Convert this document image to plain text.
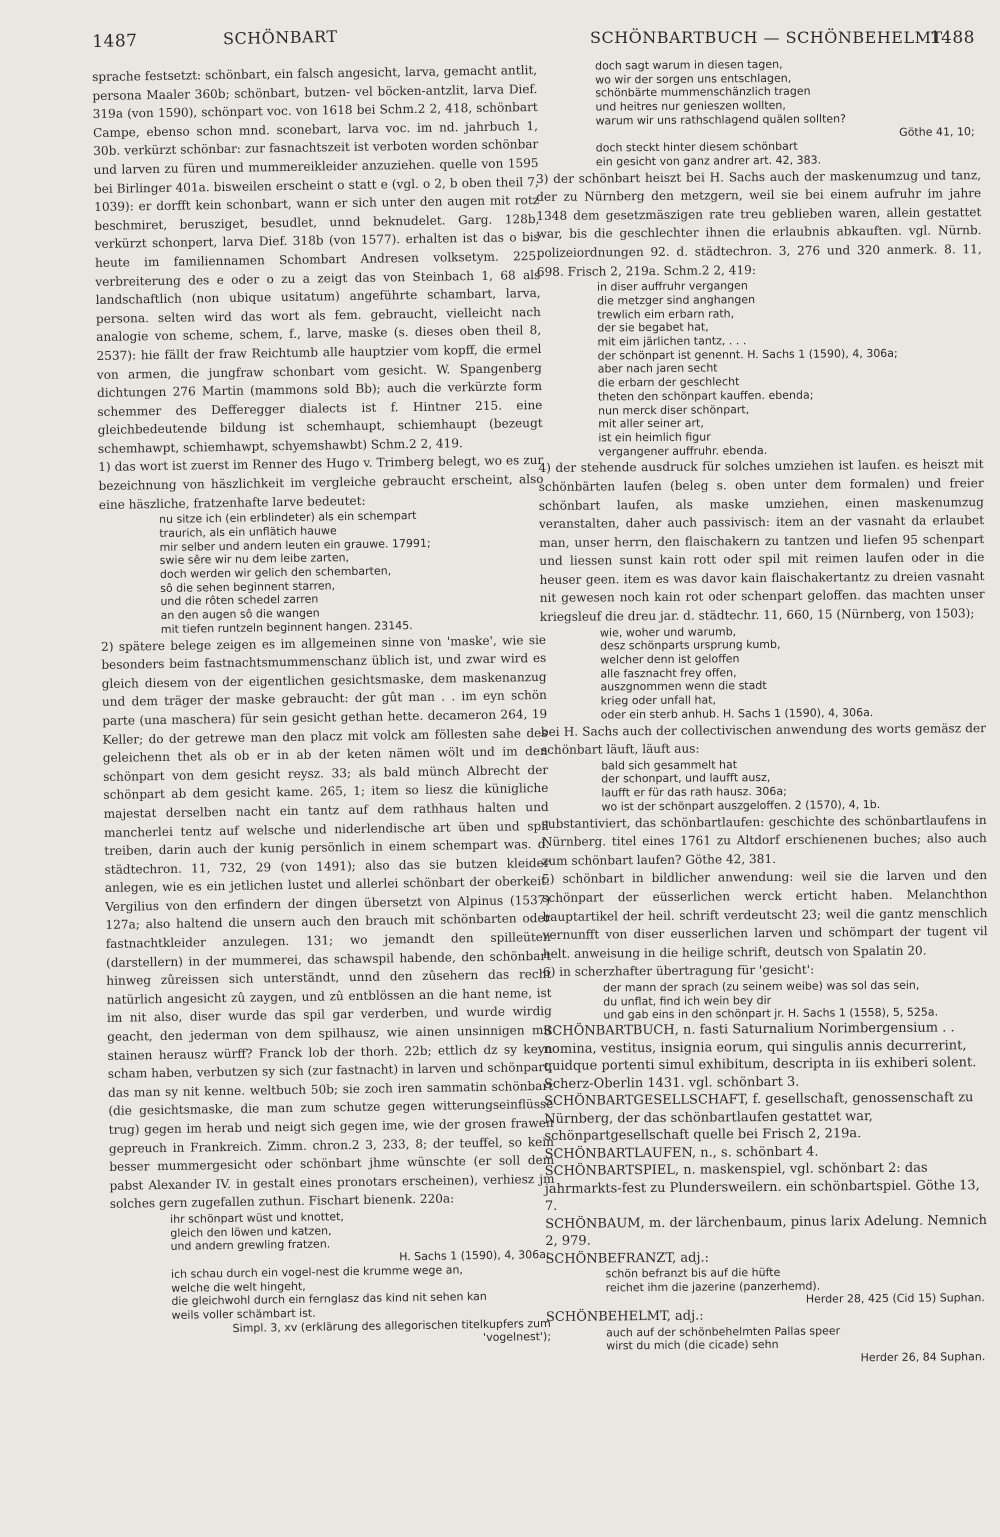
1487	SCHÖNBART	SCHÖNBARTBUCH — SCHÖNBEHELMT
1488

sprache festsetzt: schönbart, ein falsch angesicht, larva, gemacht antlit, persona Maaler 360b; schönbart, butzen- vel böcken-antzlit, larva Dief. 319a (von 1590), schönpart voc. von 1618 bei Schm.2 2, 418, schönbart Campe, ebenso schon mnd. sconebart, larva voc. im nd. jahrbuch 1, 30b. verkürzt schönbar: zur fasnachtszeit ist verboten worden schönbar und larven zu füren und mummereikleider anzuziehen. quelle von 1595 bei Birlinger 401a. bisweilen erscheint o statt e (vgl. o 2, b oben theil 7, 1039): er dorfft kein schonbart, wann er sich unter den augen mit rotz beschmiret, berusziget, besudlet, unnd beknudelet. Garg. 128b, verkürzt schonpert, larva Dief. 318b (von 1577). erhalten ist das o bis heute im familiennamen Schombart Andresen volksetym. 225. verbreiterung des e oder o zu a zeigt das von Steinbach 1, 68 als landschaftlich (non ubique usitatum) angeführte schambart, larva, persona. selten wird das wort als fem. gebraucht, vielleicht nach analogie von scheme, schem, f., larve, maske (s. dieses oben theil 8, 2537): hie fällt der fraw Reichtumb alle hauptzier vom kopff, die ermel von armen, die jungfraw schonbart vom gesicht. W. Spangenberg dichtungen 276 Martin (mammons sold Bb); auch die verkürzte form schemmer des Defferegger dialects ist f. Hintner 215. eine gleichbedeutende bildung ist schemhaupt, schiemhaupt (bezeugt schemhawpt, schiemhawpt, schyemshawbt) Schm.2 2, 419.

1) das wort ist zuerst im Renner des Hugo v. Trimberg belegt, wo es zur bezeichnung von häszlichkeit im vergleiche gebraucht erscheint, also eine häszliche, fratzenhafte larve bedeutet:

nu sitze ich (ein erblindeter) als ein schempart

traurich, als ein unflätich hauwe

mir selber und andern leuten ein grauwe. 17991;

swie sêre wir nu dem leibe zarten,

doch werden wir gelich den schembarten,

sô die sehen beginnent starren,

und die rôten schedel zarren

an den augen sô die wangen

mit tiefen runtzeln beginnent hangen. 23145.

2) spätere belege zeigen es im allgemeinen sinne von 'maske', wie sie besonders beim fastnachtsmummenschanz üblich ist, und zwar wird es gleich diesem von der eigentlichen gesichtsmaske, dem maskenanzug und dem träger der maske gebraucht: der gût man . . im eyn schön parte (una maschera) für sein gesicht gethan hette. decameron 264, 19 Keller; do der getrewe man den placz mit volck am föllesten sahe des geleichenn thet als ob er in ab der keten nämen wölt und im den schönpart von dem gesicht reysz. 33; als bald münch Albrecht der schönpart ab dem gesicht kame. 265, 1; item so liesz die künigliche majestat derselben nacht ein tantz auf dem rathhaus halten und mancherlei tentz auf welsche und niderlendische art üben und spil treiben, darin auch der kunig persönlich in einem schempart was. d. städtechron. 11, 732, 29 (von 1491); also das sie butzen kleider anlegen, wie es ein jetlichen lustet und allerlei schönbart der oberkeit. Vergilius von den erfindern der dingen übersetzt von Alpinus (1537) 127a; also haltend die unsern auch den brauch mit schönbarten oder fastnachtkleider anzulegen. 131; wo jemandt den spilleüten (darstellern) in der mummerei, das schawspil habende, den schönbart hinweg zûreissen sich unterständt, unnd den zûsehern das recht natürlich angesicht zû zaygen, und zû entblössen an die hant neme, ist im nit also, diser wurde das spil gar verderben, und wurde wirdig geacht, den jederman von dem spilhausz, wie ainen unsinnigen mit stainen herausz würff? Franck lob der thorh. 22b; ettlich dz sy keyn scham haben, verbutzen sy sich (zur fastnacht) in larven und schönpart, das man sy nit kenne. weltbuch 50b; sie zoch iren sammatin schönbart (die gesichtsmaske, die man zum schutze gegen witterungseinflüsse trug) gegen im herab und neigt sich gegen ime, wie der grosen frawen gepreuch in Frankreich. Zimm. chron.2 3, 233, 8; der teuffel, so kein besser mummergesicht oder schönbart jhme wünschte (er soll dem pabst Alexander IV. in gestalt eines pronotars erscheinen), verhiesz jm solches gern zugefallen zuthun. Fischart bienenk. 220a:

ihr schönpart wüst und knottet,

gleich den löwen und katzen,

und andern grewling fratzen.

H. Sachs 1 (1590), 4, 306a;

ich schau durch ein vogel-nest die krumme wege an,

welche die welt hingeht,

die gleichwohl durch ein fernglasz das kind nit sehen kan

weils voller schämbart ist.

Simpl. 3, xv (erklärung des allegorischen titelkupfers zum 'vogelnest');

doch sagt warum in diesen tagen,

wo wir der sorgen uns entschlagen,

schönbärte mummenschänzlich tragen

und heitres nur genieszen wollten,

warum wir uns rathschlagend quälen sollten?

Göthe 41, 10;

doch steckt hinter diesem schönbart

ein gesicht von ganz andrer art. 42, 383.

3) der schönbart heiszt bei H. Sachs auch der maskenumzug und tanz, der zu Nürnberg den metzgern, weil sie bei einem aufruhr im jahre 1348 dem gesetzmäszigen rate treu geblieben waren, allein gestattet war, bis die geschlechter ihnen die erlaubnis abkauften. vgl. Nürnb. polizeiordnungen 92. d. städtechron. 3, 276 und 320 anmerk. 8. 11, 698. Frisch 2, 219a. Schm.2 2, 419:

in diser auffruhr vergangen

die metzger sind anghangen

trewlich eim erbarn rath,

der sie begabet hat,

mit eim järlichen tantz, . . .

der schönpart ist genennt. H. Sachs 1 (1590), 4, 306a;

aber nach jaren secht

die erbarn der geschlecht

theten den schönpart kauffen. ebenda;

nun merck diser schönpart,

mit aller seiner art,

ist ein heimlich figur

vergangener auffruhr. ebenda.

4) der stehende ausdruck für solches umziehen ist laufen. es heiszt mit schönbärten laufen (beleg s. oben unter dem formalen) und freier schönbart laufen, als maske umziehen, einen maskenumzug veranstalten, daher auch passivisch: item an der vasnaht da erlaubet man, unser herrn, den flaischakern zu tantzen und liefen 95 schenpart und liessen sunst kain rott oder spil mit reimen laufen oder in die heuser geen. item es was davor kain flaischakertantz zu dreien vasnaht nit gewesen noch kain rot oder schenpart geloffen. das machten unser kriegsleuf die dreu jar. d. städtechr. 11, 660, 15 (Nürnberg, von 1503);

wie, woher und warumb,

desz schönparts ursprung kumb,

welcher denn ist geloffen

alle fasznacht frey offen,

auszgnommen wenn die stadt

krieg oder unfall hat,

oder ein sterb anhub. H. Sachs 1 (1590), 4, 306a.

bei H. Sachs auch der collectivischen anwendung des worts gemäsz der schönbart läuft, läuft aus:

bald sich gesammelt hat

der schonpart, und laufft ausz,

laufft er für das rath hausz. 306a;

wo ist der schönpart auszgeloffen. 2 (1570), 4, 1b.

substantiviert, das schönbartlaufen: geschichte des schönbartlaufens in Nürnberg. titel eines 1761 zu Altdorf erschienenen buches; also auch zum schönbart laufen? Göthe 42, 381.

5) schönbart in bildlicher anwendung: weil sie die larven und den schönpart der eüsserlichen werck erticht haben. Melanchthon hauptartikel der heil. schrift verdeutscht 23; weil die gantz menschlich vernunfft von diser eusserlichen larven und schömpart der tugent vil helt. anweisung in die heilige schrift, deutsch von Spalatin 20.

6) in scherzhafter übertragung für 'gesicht':

der mann der sprach (zu seinem weibe) was sol das sein,

du unflat, find ich wein bey dir

und gab eins in den schönpart jr. H. Sachs 1 (1558), 5, 525a.

SCHÖNBARTBUCH, n. fasti Saturnalium Norimbergensium . . nomina, vestitus, insignia eorum, qui singulis annis decurrerint, quidque portenti simul exhibitum, descripta in iis exhiberi solent. Scherz-Oberlin 1431. vgl. schönbart 3.

SCHÖNBARTGESELLSCHAFT, f. gesellschaft, genossenschaft zu Nürnberg, der das schönbartlaufen gestattet war, schönpartgesellschaft quelle bei Frisch 2, 219a.

SCHÖNBARTLAUFEN, n., s. schönbart 4.

SCHÖNBARTSPIEL, n. maskenspiel, vgl. schönbart 2: das jahrmarkts-fest zu Plundersweilern. ein schönbartspiel. Göthe 13, 7.

SCHÖNBAUM, m. der lärchenbaum, pinus larix Adelung. Nemnich 2, 979.

SCHÖNBEFRANZT, adj.:

schön befranzt bis auf die hüfte

reichet ihm die jazerine (panzerhemd).

Herder 28, 425 (Cid 15) Suphan.

SCHÖNBEHELMT, adj.:

auch auf der schönbehelmten Pallas speer

wirst du mich (die cicade) sehn

Herder 26, 84 Suphan.
